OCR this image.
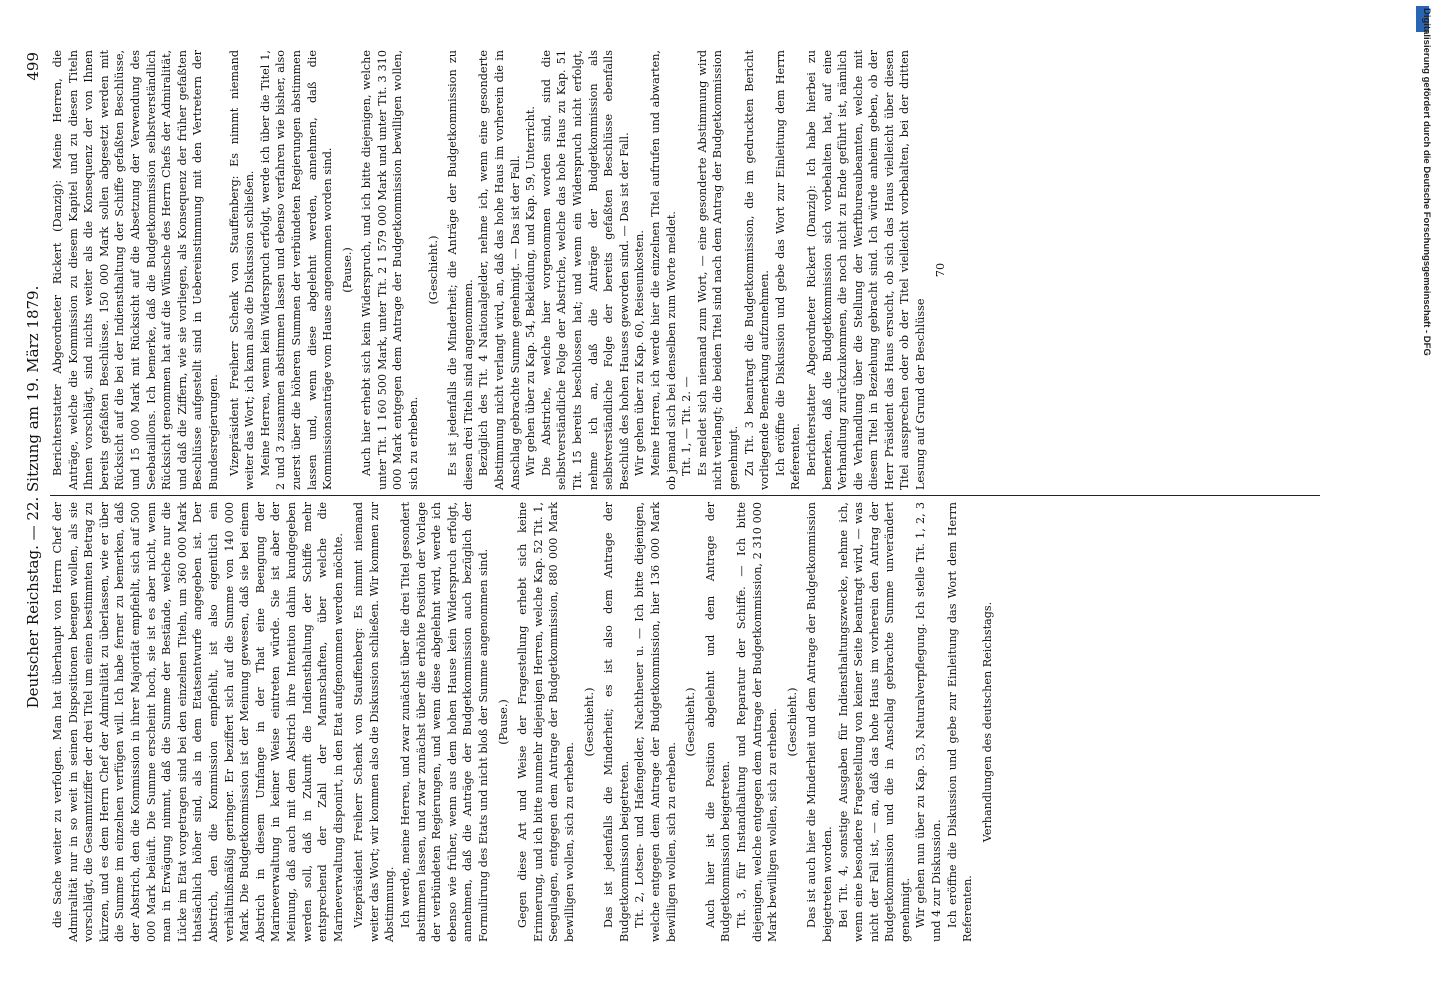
Deutscher Reichstag. — 22. Sitzung am 19. März 1879.
499

die Sache weiter zu verfolgen. Man hat überhaupt von Herrn Chef der Admiralität nur in so weit in seinen Dispositionen beengen wollen, als sie vorschlägt, die Gesammtziffer der drei Titel um einen bestimmten Betrag zu kürzen, und es dem Herrn Chef der Admiralität zu überlassen, wie er über die Summe im einzelnen verfügen will. Ich habe ferner zu bemerken, daß der Abstrich, den die Kommission in ihrer Majorität empfiehlt, sich auf 500 000 Mark beläuft. Die Summe erscheint hoch, sie ist es aber nicht, wenn man in Erwägung nimmt, daß die Summe der Bestände, welche nur die Lücke im Etat vorgetragen sind bei den einzelnen Titeln, um 360 000 Mark thatsächlich höher sind, als in dem Etatsentwurfe angegeben ist. Der Abstrich, den die Kommission empfiehlt, ist also eigentlich ein verhältnißmäßig geringer. Er beziffert sich auf die Summe von 140 000 Mark. Die Budgetkommission ist der Meinung gewesen, daß sie bei einem Abstrich in diesem Umfange in der That eine Beengung der Marineverwaltung in keiner Weise eintreten würde. Sie ist aber der Meinung, daß auch mit dem Abstrich ihre Intention dahin kundgegeben werden soll, daß in Zukunft die Indiensthaltung der Schiffe mehr entsprechend der Zahl der Mannschaften, über welche die Marineverwaltung disponirt, in den Etat aufgenommen werden möchte. Vizepräsident Freiherr Schenk von Stauffenberg: Es nimmt niemand weiter das Wort; wir kommen also die Diskussion schließen. Wir kommen zur Abstimmung. Ich werde, meine Herren, und zwar zunächst über die drei Titel gesondert abstimmen lassen, und zwar zunächst über die erhöhte Position der Vorlage der verbündeten Regierungen, und wenn diese abgelehnt wird, werde ich ebenso wie früher, wenn aus dem hohen Hause kein Widerspruch erfolgt, annehmen, daß die Anträge der Budgetkommission auch bezüglich der Formulirung des Etats und nicht bloß der Summe angenommen sind. (Pause.) Gegen diese Art und Weise der Fragestellung erhebt sich keine Erinnerung, und ich bitte nunmehr diejenigen Herren, welche Kap. 52 Tit. 1, Seegulagen, entgegen dem Antrage der Budgetkommission, 880 000 Mark bewilligen wollen, sich zu erheben.

(Geschieht.) Das ist jedenfalls die Minderheit; es ist also dem Antrage der Budgetkommission beigetreten. Tit. 2, Lotsen- und Hafengelder, Nachtheuer u. — Ich bitte diejenigen, welche entgegen dem Antrage der Budgetkommission, hier 136 000 Mark bewilligen wollen, sich zu erheben.

(Geschieht.) Auch hier ist die Position abgelehnt und dem Antrage der Budgetkommission beigetreten. Tit. 3, für Instandhaltung und Reparatur der Schiffe. — Ich bitte diejenigen, welche entgegen dem Antrage der Budgetkommission, 2 310 000 Mark bewilligen wollen, sich zu erheben. (Geschieht.) Das ist auch hier die Minderheit und dem Antrage der Budgetkommission beigetreten worden. Bei Tit. 4, sonstige Ausgaben für Indiensthaltungszwecke, nehme ich, wenn eine besondere Fragestellung von keiner Seite beantragt wird, — was nicht der Fall ist, — an, daß das hohe Haus im vorherein den Antrag der Budgetkommission und die in Anschlag gebrachte Summe unverändert genehmigt. Wir gehen nun über zu Kap. 53, Naturalverpflegung. Ich stelle Tit. 1, 2, 3 und 4 zur Diskussion. Ich eröffne die Diskussion und gebe zur Einleitung das Wort dem Herrn Referenten.

Verhandlungen des deutschen Reichstags.

Berichterstatter Abgeordneter Rickert (Danzig): Meine Herren, die Anträge, welche die Kommission zu diesem Kapitel und zu diesen Titeln Ihnen vorschlägt, sind nichts weiter als die Konsequenz der von Ihnen bereits gefaßten Beschlüsse. 150 000 Mark sollen abgesetzt werden mit Rücksicht auf die bei der Indiensthaltung der Schiffe gefaßten Beschlüsse, und 15 000 Mark mit Rücksicht auf die Absetzung der Verwendung des Seebataillons. Ich bemerke, daß die Budgetkommission selbstverständlich Rücksicht genommen hat auf die Wünsche des Herrn Chefs der Admiralität, und daß die Ziffern, wie sie vorliegen, als Konsequenz der früher gefaßten Beschlüsse aufgestellt sind in Uebereinstimmung mit den Vertretern der Bundesregierungen. Vizepräsident Freiherr Schenk von Stauffenberg: Es nimmt niemand weiter das Wort; ich kann also die Diskussion schließen. Meine Herren, wenn kein Widerspruch erfolgt, werde ich über die Titel 1, 2 und 3 zusammen abstimmen lassen und ebenso verfahren wie bisher, also zuerst über die höheren Summen der verbündeten Regierungen abstimmen lassen und, wenn diese abgelehnt werden, annehmen, daß die Kommissionsanträge vom Hause angenommen worden sind. (Pause.) Auch hier erhebt sich kein Widerspruch, und ich bitte diejenigen, welche unter Tit. 1 160 500 Mark, unter Tit. 2 1 579 000 Mark und unter Tit. 3 310 000 Mark entgegen dem Antrage der Budgetkommission bewilligen wollen, sich zu erheben.

(Geschieht.) Es ist jedenfalls die Minderheit; die Anträge der Budgetkommission zu diesen drei Titeln sind angenommen. Bezüglich des Tit. 4 Nationalgelder, nehme ich, wenn eine gesonderte Abstimmung nicht verlangt wird, an, daß das hohe Haus im vorherein die in Anschlag gebrachte Summe genehmigt. — Das ist der Fall. Wir gehen über zu Kap. 54, Bekleidung, und Kap. 59, Unterricht. Die Abstriche, welche hier vorgenommen worden sind, sind die selbstverständliche Folge der Abstriche, welche das hohe Haus zu Kap. 51 Tit. 15 bereits beschlossen hat; und wenn ein Widerspruch nicht erfolgt, nehme ich an, daß die Anträge der Budgetkommission als selbstverständliche Folge der bereits gefaßten Beschlüsse ebenfalls Beschluß des hohen Hauses geworden sind. — Das ist der Fall. Wir gehen über zu Kap. 60, Reiseunkosten. Meine Herren, ich werde hier die einzelnen Titel aufrufen und abwarten, ob jemand sich bei denselben zum Worte meldet. Tit. 1, — Tit. 2. — Es meldet sich niemand zum Wort, — eine gesonderte Abstimmung wird nicht verlangt; die beiden Titel sind nach dem Antrag der Budgetkommission genehmigt. Zu Tit. 3 beantragt die Budgetkommission, die im gedruckten Bericht vorliegende Bemerkung aufzunehmen. Ich eröffne die Diskussion und gebe das Wort zur Einleitung dem Herrn Referenten. Berichterstatter Abgeordneter Rickert (Danzig): Ich habe hierbei zu bemerken, daß die Budgetkommission sich vorbehalten hat, auf eine Verhandlung zurückzukommen, die noch nicht zu Ende geführt ist, nämlich die Verhandlung über die Stellung der Werftbureaubeamten, welche mit diesem Titel in Beziehung gebracht sind. Ich würde anheim geben, ob der Herr Präsident das Haus ersucht, ob sich das Haus vielleicht über diesen Titel aussprechen oder ob der Titel vielleicht vorbehalten, bei der dritten Lesung auf Grund der Beschlüsse

70	Digitalisierung gefördert durch die Deutsche Forschungsgemeinschaft - DFG
